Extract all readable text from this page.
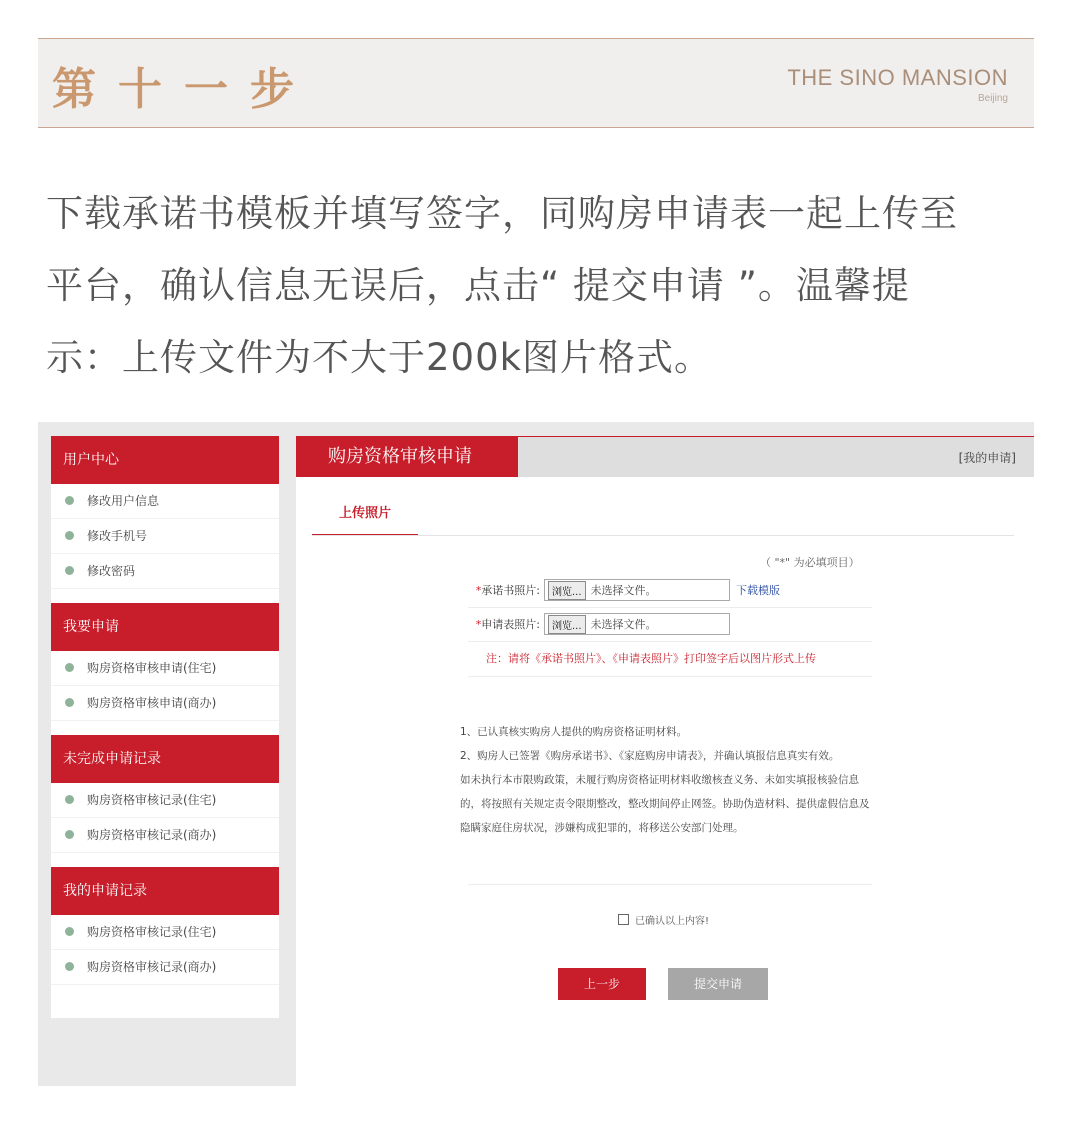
第十一步	THE SINO MANSION
Beijing
下载承诺书模板并填写签字，同购房申请表一起上传至
平台，确认信息无误后，点击“ 提交申请 ”。温馨提
示：上传文件为不大于200k图片格式。
用户中心
修改用户信息
修改手机号
修改密码
我要申请
购房资格审核申请(住宅)
购房资格审核申请(商办)
未完成申请记录
购房资格审核记录(住宅)
购房资格审核记录(商办)
我的申请记录
购房资格审核记录(住宅)
购房资格审核记录(商办)
购房资格审核申请	[我的申请]
上传照片
（ "*" 为必填项目）
*承诺书照片:	浏览... 未选择文件。	下载模版
*申请表照片:	浏览... 未选择文件。
注：请将《承诺书照片》、《申请表照片》打印签字后以图片形式上传
1、已认真核实购房人提供的购房资格证明材料。
2、购房人已签署《购房承诺书》、《家庭购房申请表》，并确认填报信息真实有效。
如未执行本市限购政策，未履行购房资格证明材料收缴核查义务、未如实填报核验信息的，将按照有关规定责令限期整改，整改期间停止网签。协助伪造材料、提供虚假信息及隐瞒家庭住房状况，涉嫌构成犯罪的，将移送公安部门处理。
已确认以上内容!
上一步	提交申请
